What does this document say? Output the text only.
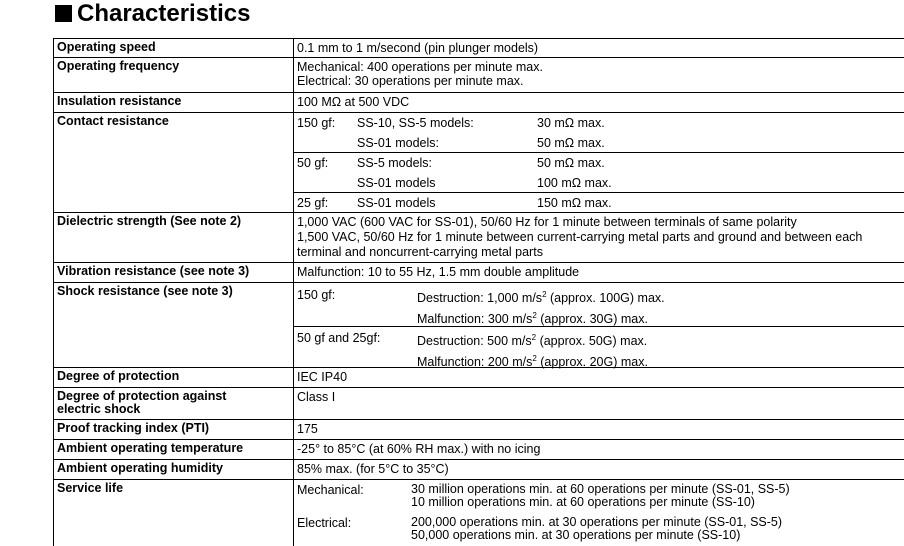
Characteristics
Operating speed	0.1 mm to 1 m/second (pin plunger models)
Operating frequency	Mechanical: 400 operations per minute max.
Electrical: 30 operations per minute max.
Insulation resistance	100 MΩ at 500 VDC
Contact resistance	150 gf: SS-10, SS-5 models:	30 mΩ max.
SS-01 models:	50 mΩ max.
50 gf: SS-5 models:	50 mΩ max.
SS-01 models	100 mΩ max.
25 gf: SS-01 models	150 mΩ max.
Dielectric strength (See note 2)	1,000 VAC (600 VAC for SS-01), 50/60 Hz for 1 minute between terminals of same polarity
1,500 VAC, 50/60 Hz for 1 minute between current-carrying metal parts and ground and between each
terminal and noncurrent-carrying metal parts
Vibration resistance (see note 3)	Malfunction: 10 to 55 Hz, 1.5 mm double amplitude
Shock resistance (see note 3)	150 gf:	Destruction: 1,000 $m/s^2$ (approx. 100G) max.
Malfunction: 300 $m/s^2$ (approx. 30G) max.
50 gf and 25gf:	Destruction: 500 $m/s^2$ (approx. 50G) max.
Malfunction: 200 $m/s^2$ (approx. 20G) max.
Degree of protection	IEC IP40
Degree of protection against
electric shock
Class I
Proof tracking index (PTI)	175
Ambient operating temperature	-25° to 85°C (at 60% RH max.) with no icing
Ambient operating humidity	85% max. (for 5°C to 35°C)
Service life	Mechanical:	30 million operations min. at 60 operations per minute (SS-01, SS-5)
10 million operations min. at 60 operations per minute (SS-10)
Electrical:	200,000 operations min. at 30 operations per minute (SS-01, SS-5)
50,000 operations min. at 30 operations per minute (SS-10)
